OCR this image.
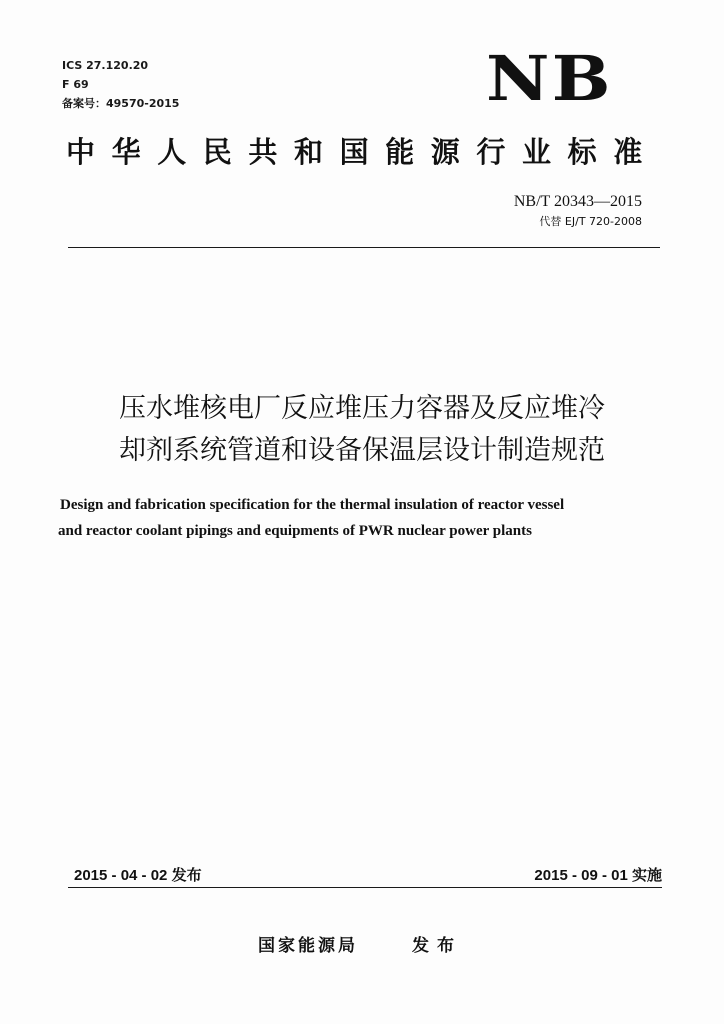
ICS 27.120.20
F 69
备案号：49570-2015	NB
中华人民共和国能源行业标准
NB/T 20343—2015
代替 EJ/T 720-2008
压水堆核电厂反应堆压力容器及反应堆冷
却剂系统管道和设备保温层设计制造规范
Design and fabrication specification for the thermal insulation of reactor vessel
and reactor coolant pipings and equipments of PWR nuclear power plants
2015 - 04 - 02 发布	2015 - 09 - 01 实施
国家能源局	发布
